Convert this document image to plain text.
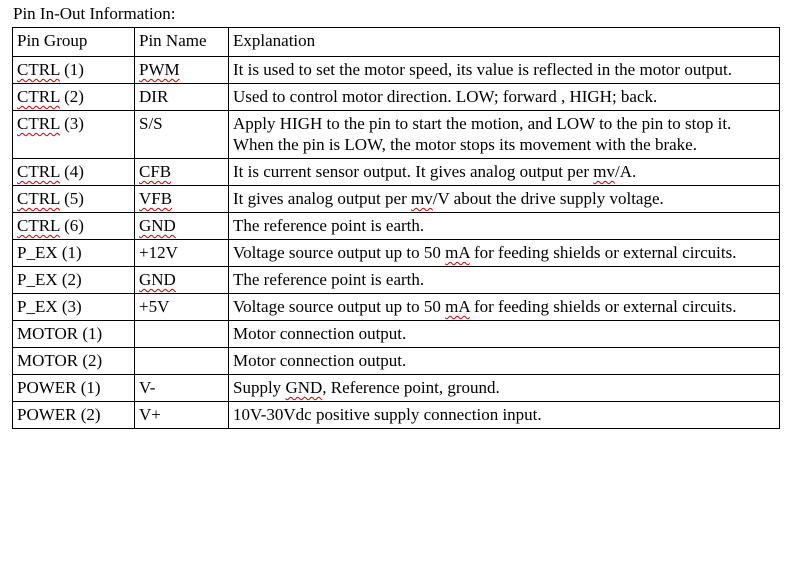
Pin In-Out Information:
Pin Group	Pin Name	Explanation
CTRL (1)	PWM	It is used to set the motor speed, its value is reflected in the motor output.
CTRL (2)	DIR	Used to control motor direction. LOW; forward , HIGH; back.
CTRL (3)	S/S	Apply HIGH to the pin to start the motion, and LOW to the pin to stop it. When the pin is LOW, the motor stops its movement with the brake.
CTRL (4)	CFB	It is current sensor output. It gives analog output per mv/A.
CTRL (5)	VFB	It gives analog output per mv/V about the drive supply voltage.
CTRL (6)	GND	The reference point is earth.
P_EX (1)	+12V	Voltage source output up to 50 mA for feeding shields or external circuits.
P_EX (2)	GND	The reference point is earth.
P_EX (3)	+5V	Voltage source output up to 50 mA for feeding shields or external circuits.
MOTOR (1)		Motor connection output.
MOTOR (2)		Motor connection output.
POWER (1)	V-	Supply GND, Reference point, ground.
POWER (2)	V+	10V-30Vdc positive supply connection input.
